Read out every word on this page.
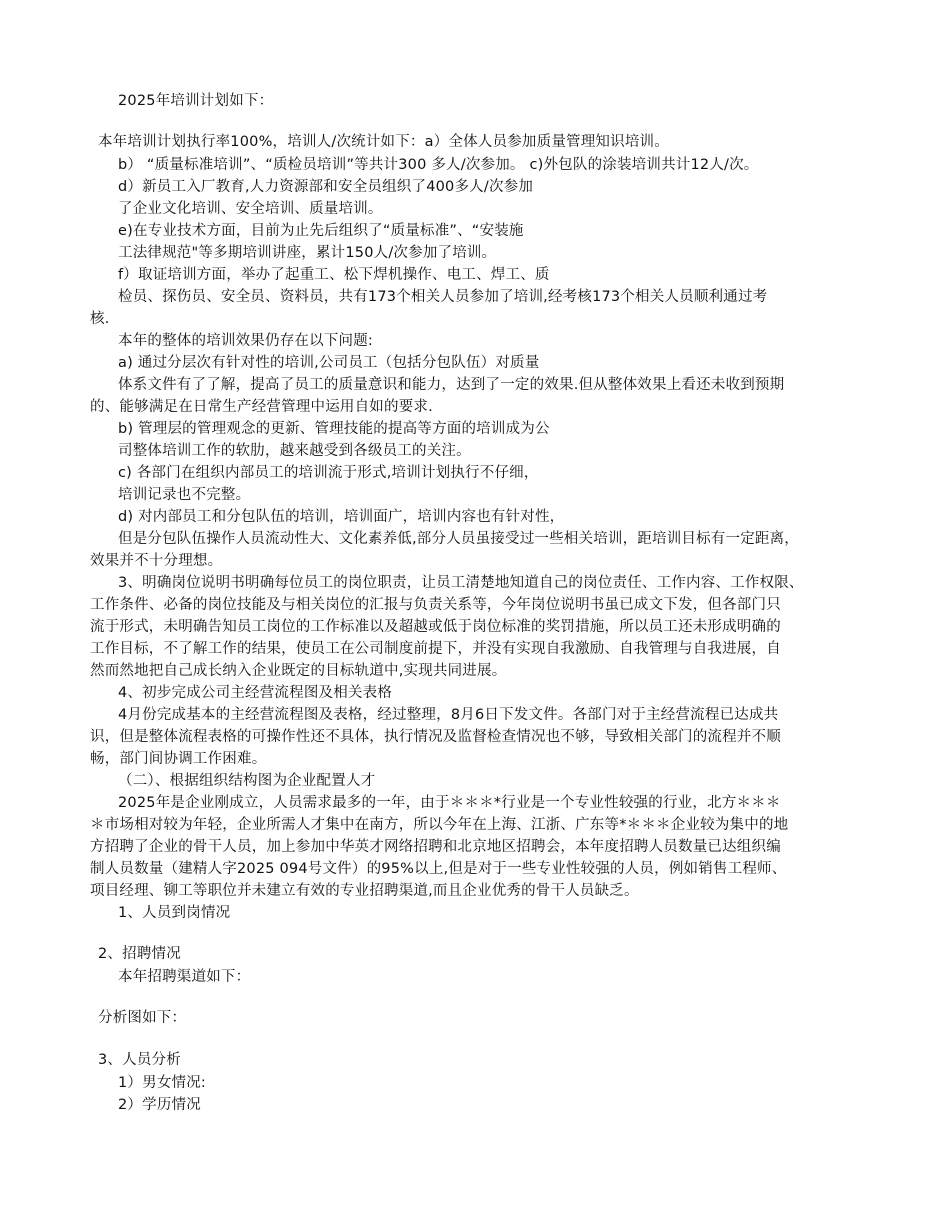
2025年培训计划如下：
本年培训计划执行率100%，培训人/次统计如下：a）全体人员参加质量管理知识培训。
b） “质量标准培训”、“质检员培训”等共计300 多人/次参加。 c)外包队的涂装培训共计12人/次。
d）新员工入厂教育,人力资源部和安全员组织了400多人/次参加
了企业文化培训、安全培训、质量培训。
e)在专业技术方面，目前为止先后组织了“质量标准”、“安装施
工法律规范"等多期培训讲座，累计150人/次参加了培训。
f）取证培训方面，举办了起重工、松下焊机操作、电工、焊工、质
检员、探伤员、安全员、资料员，共有173个相关人员参加了培训,经考核173个相关人员顺利通过考
核.
本年的整体的培训效果仍存在以下问题:
a) 通过分层次有针对性的培训,公司员工（包括分包队伍）对质量
体系文件有了了解，提高了员工的质量意识和能力，达到了一定的效果.但从整体效果上看还未收到预期
的、能够满足在日常生产经营管理中运用自如的要求.
b) 管理层的管理观念的更新、管理技能的提高等方面的培训成为公
司整体培训工作的软肋，越来越受到各级员工的关注。
c) 各部门在组织内部员工的培训流于形式,培训计划执行不仔细，
培训记录也不完整。
d) 对内部员工和分包队伍的培训，培训面广，培训内容也有针对性，
但是分包队伍操作人员流动性大、文化素养低,部分人员虽接受过一些相关培训，距培训目标有一定距离，
效果并不十分理想。
3、明确岗位说明书明确每位员工的岗位职责，让员工清楚地知道自己的岗位责任、工作内容、工作权限、
工作条件、必备的岗位技能及与相关岗位的汇报与负责关系等，今年岗位说明书虽已成文下发，但各部门只
流于形式，未明确告知员工岗位的工作标准以及超越或低于岗位标准的奖罚措施，所以员工还未形成明确的
工作目标，不了解工作的结果，使员工在公司制度前提下，并没有实现自我激励、自我管理与自我进展，自
然而然地把自己成长纳入企业既定的目标轨道中,实现共同进展。
4、初步完成公司主经营流程图及相关表格
4月份完成基本的主经营流程图及表格，经过整理，8月6日下发文件。各部门对于主经营流程已达成共
识，但是整体流程表格的可操作性还不具体，执行情况及监督检查情况也不够，导致相关部门的流程并不顺
畅，部门间协调工作困难。
（二）、根据组织结构图为企业配置人才
2025年是企业刚成立，人员需求最多的一年，由于＊＊＊*行业是一个专业性较强的行业，北方＊＊＊
＊市场相对较为年轻，企业所需人才集中在南方，所以今年在上海、江浙、广东等*＊＊＊企业较为集中的地
方招聘了企业的骨干人员，加上参加中华英才网络招聘和北京地区招聘会，本年度招聘人员数量已达组织编
制人员数量（建精人字2025 094号文件）的95%以上,但是对于一些专业性较强的人员，例如销售工程师、
项目经理、铆工等职位并未建立有效的专业招聘渠道,而且企业优秀的骨干人员缺乏。
1、人员到岗情况
2、招聘情况
本年招聘渠道如下：
分析图如下：
3、人员分析
1）男女情况:
2）学历情况
